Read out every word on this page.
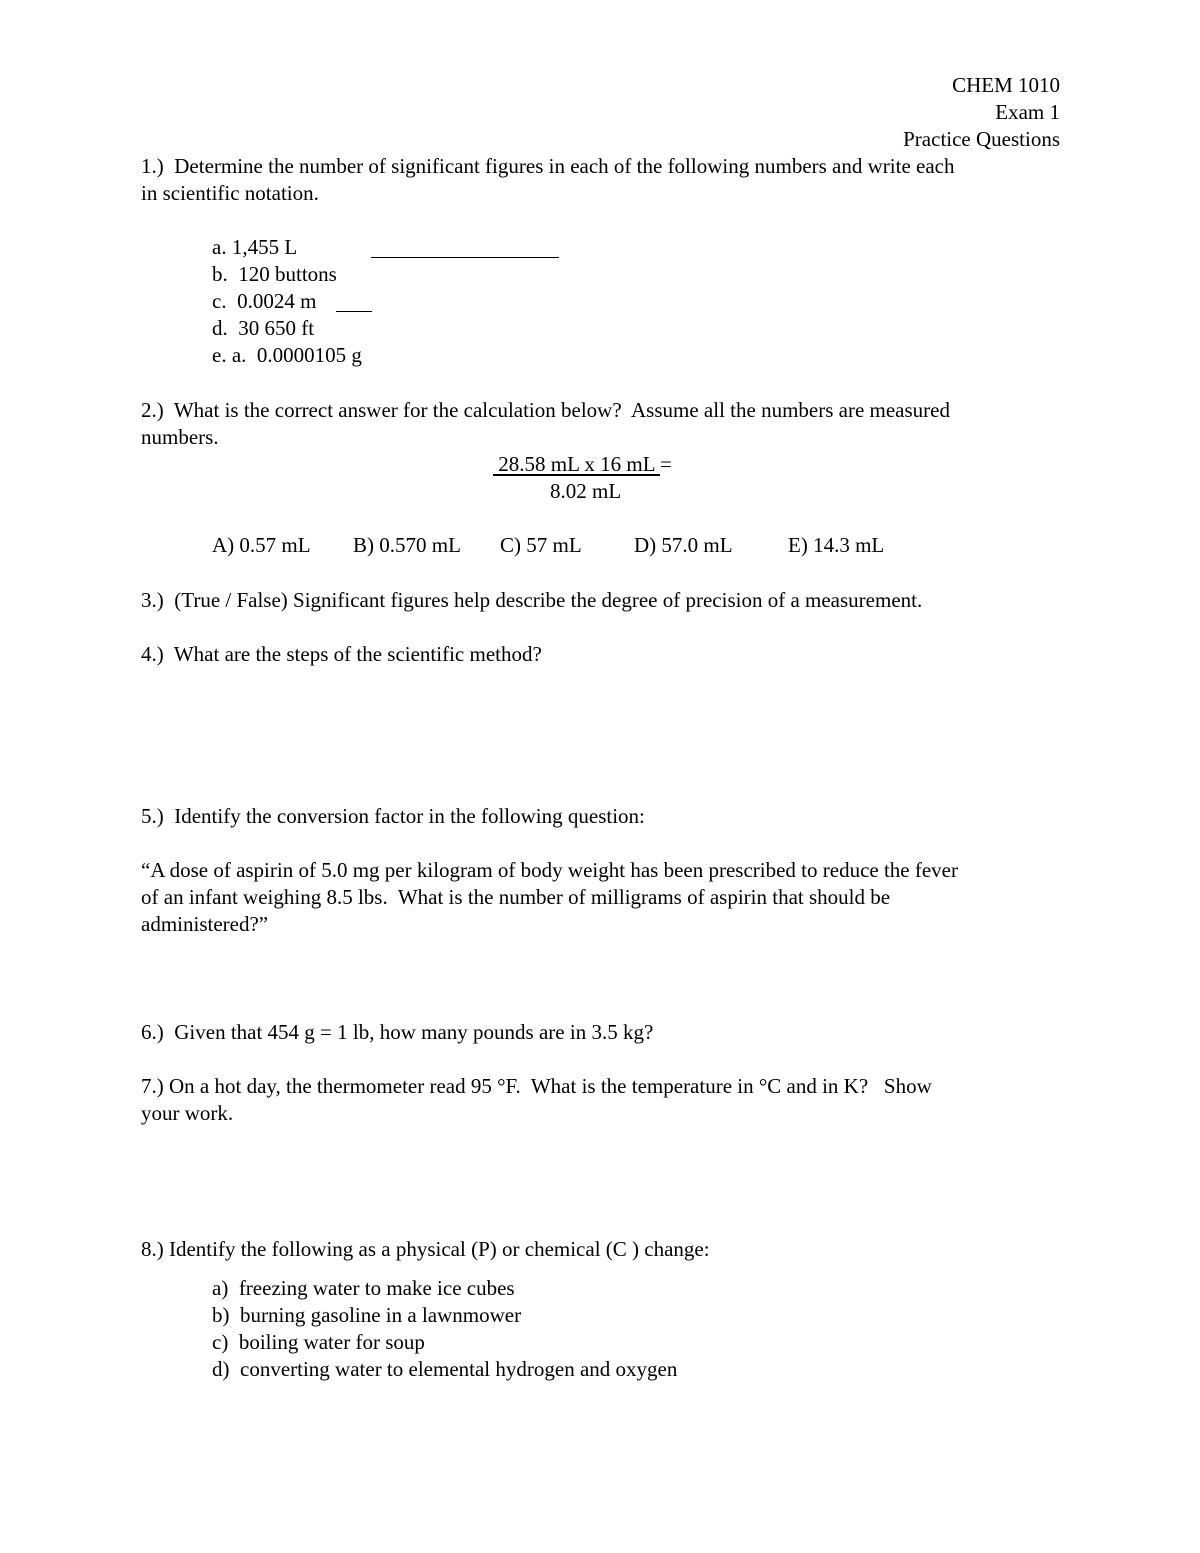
CHEM 1010
Exam 1
Practice Questions
1.)  Determine the number of significant figures in each of the following numbers and write each
in scientific notation.
a. 1,455 L
b.  120 buttons
c.  0.0024 m
d.  30 650 ft
e. a.  0.0000105 g
2.)  What is the correct answer for the calculation below?  Assume all the numbers are measured
numbers.
28.58 mL x 16 mL =
8.02 mL
A) 0.57 mL B) 0.570 mL C) 57 mL D) 57.0 mL	E) 14.3 mL
3.)  (True / False) Significant figures help describe the degree of precision of a measurement.
4.)  What are the steps of the scientific method?
5.)  Identify the conversion factor in the following question:
“A dose of aspirin of 5.0 mg per kilogram of body weight has been prescribed to reduce the fever
of an infant weighing 8.5 lbs.  What is the number of milligrams of aspirin that should be
administered?”
6.)  Given that 454 g = 1 lb, how many pounds are in 3.5 kg?
7.) On a hot day, the thermometer read 95 °F.  What is the temperature in °C and in K?   Show
your work.
8.) Identify the following as a physical (P) or chemical (C ) change:
a)  freezing water to make ice cubes
b)  burning gasoline in a lawnmower
c)  boiling water for soup
d)  converting water to elemental hydrogen and oxygen
